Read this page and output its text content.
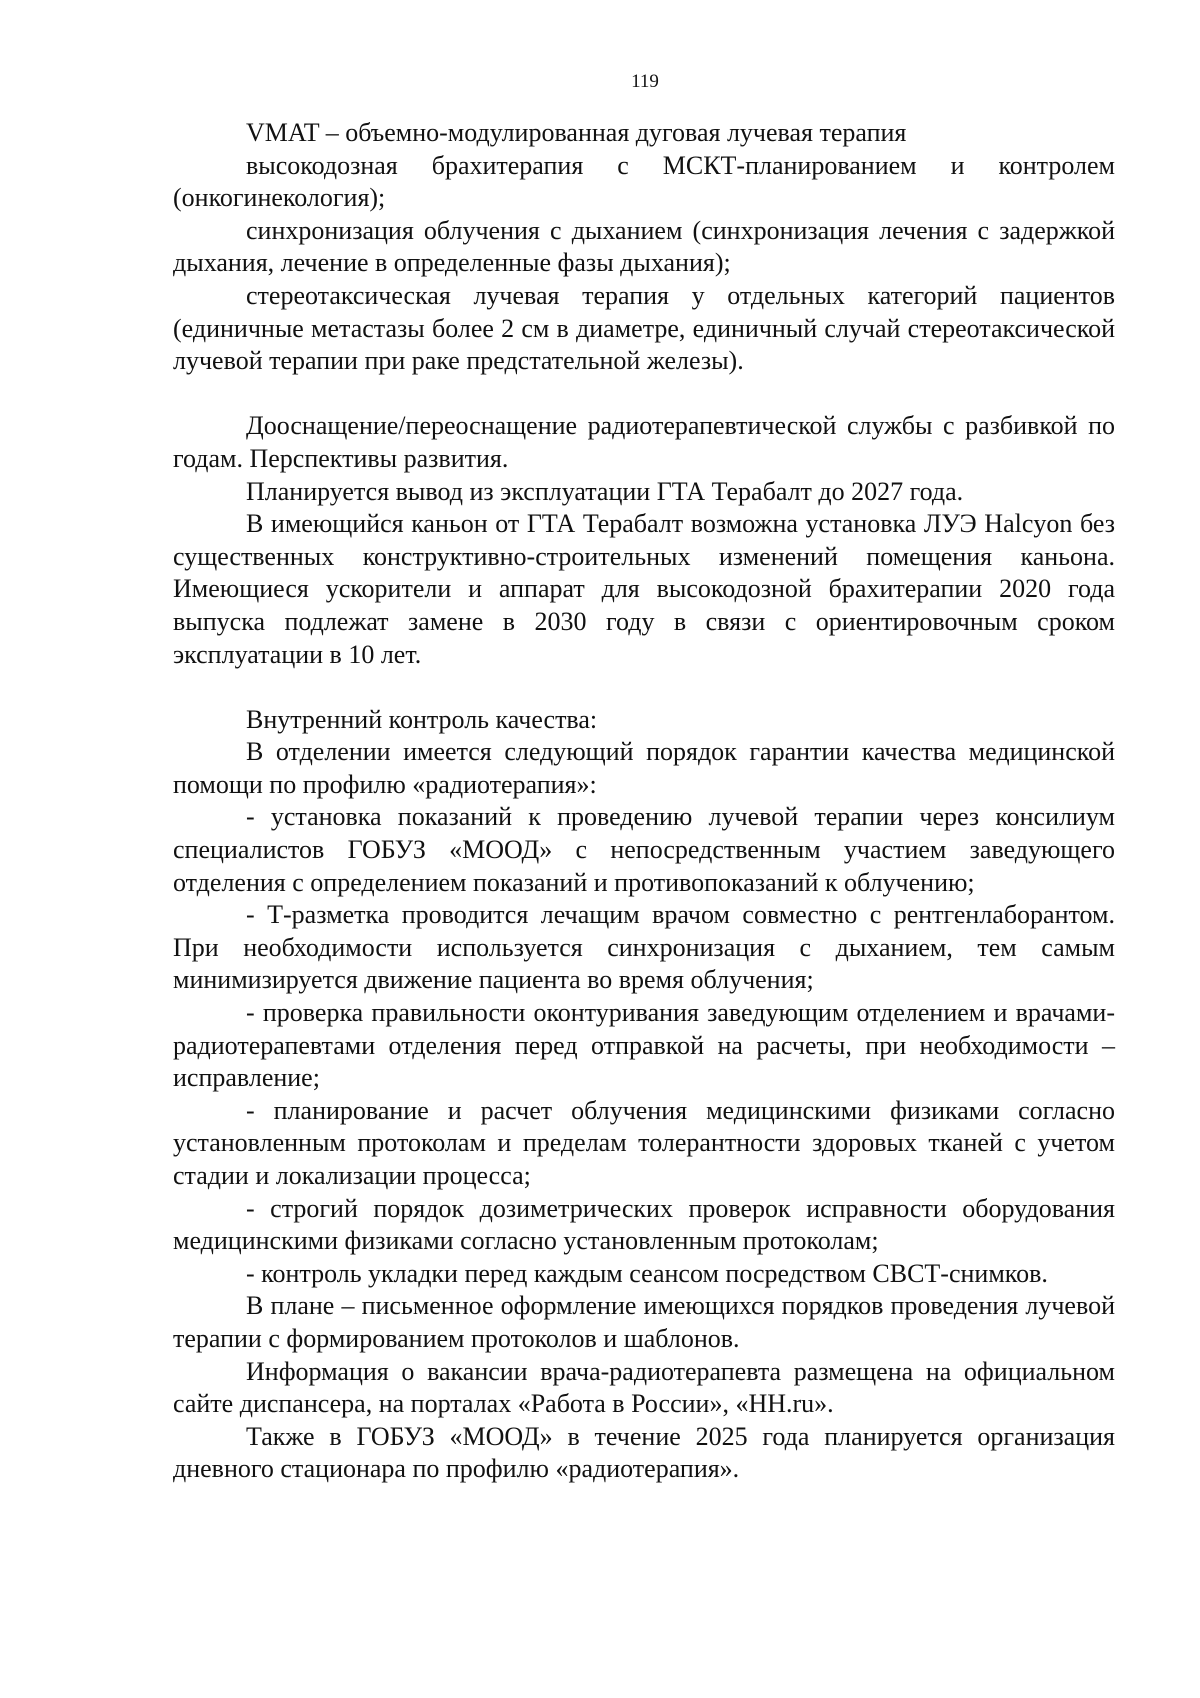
119

VMAT – объемно-модулированная дуговая лучевая терапия

высокодозная брахитерапия с МСКТ-планированием и контролем (онкогинекология);

синхронизация облучения с дыханием (синхронизация лечения с задержкой дыхания, лечение в определенные фазы дыхания);

стереотаксическая лучевая терапия у отдельных категорий пациентов (единичные метастазы более 2 см в диаметре, единичный случай стереотаксической лучевой терапии при раке предстательной железы).

Дооснащение/переоснащение радиотерапевтической службы с разбивкой по годам. Перспективы развития.

Планируется вывод из эксплуатации ГТА Терабалт до 2027 года.

В имеющийся каньон от ГТА Терабалт возможна установка ЛУЭ Halcyon без существенных конструктивно-строительных изменений помещения каньона. Имеющиеся ускорители и аппарат для высокодозной брахитерапии 2020 года выпуска подлежат замене в 2030 году в связи с ориентировочным сроком эксплуатации в 10 лет.

Внутренний контроль качества:

В отделении имеется следующий порядок гарантии качества медицинской помощи по профилю «радиотерапия»:

- установка показаний к проведению лучевой терапии через консилиум специалистов ГОБУЗ «МООД» с непосредственным участием заведующего отделения с определением показаний и противопоказаний к облучению;

- Т-разметка проводится лечащим врачом совместно с рентгенлаборантом. При необходимости используется синхронизация с дыханием, тем самым минимизируется движение пациента во время облучения;

- проверка правильности оконтуривания заведующим отделением и врачами-радиотерапевтами отделения перед отправкой на расчеты, при необходимости – исправление;

- планирование и расчет облучения медицинскими физиками согласно установленным протоколам и пределам толерантности здоровых тканей с учетом стадии и локализации процесса;

- строгий порядок дозиметрических проверок исправности оборудования медицинскими физиками согласно установленным протоколам;

- контроль укладки перед каждым сеансом посредством СВСТ-снимков.

В плане – письменное оформление имеющихся порядков проведения лучевой терапии с формированием протоколов и шаблонов.

Информация о вакансии врача-радиотерапевта размещена на официальном сайте диспансера, на порталах «Работа в России», «HH.ru».

Также в ГОБУЗ «МООД» в течение 2025 года планируется организация дневного стационара по профилю «радиотерапия».
